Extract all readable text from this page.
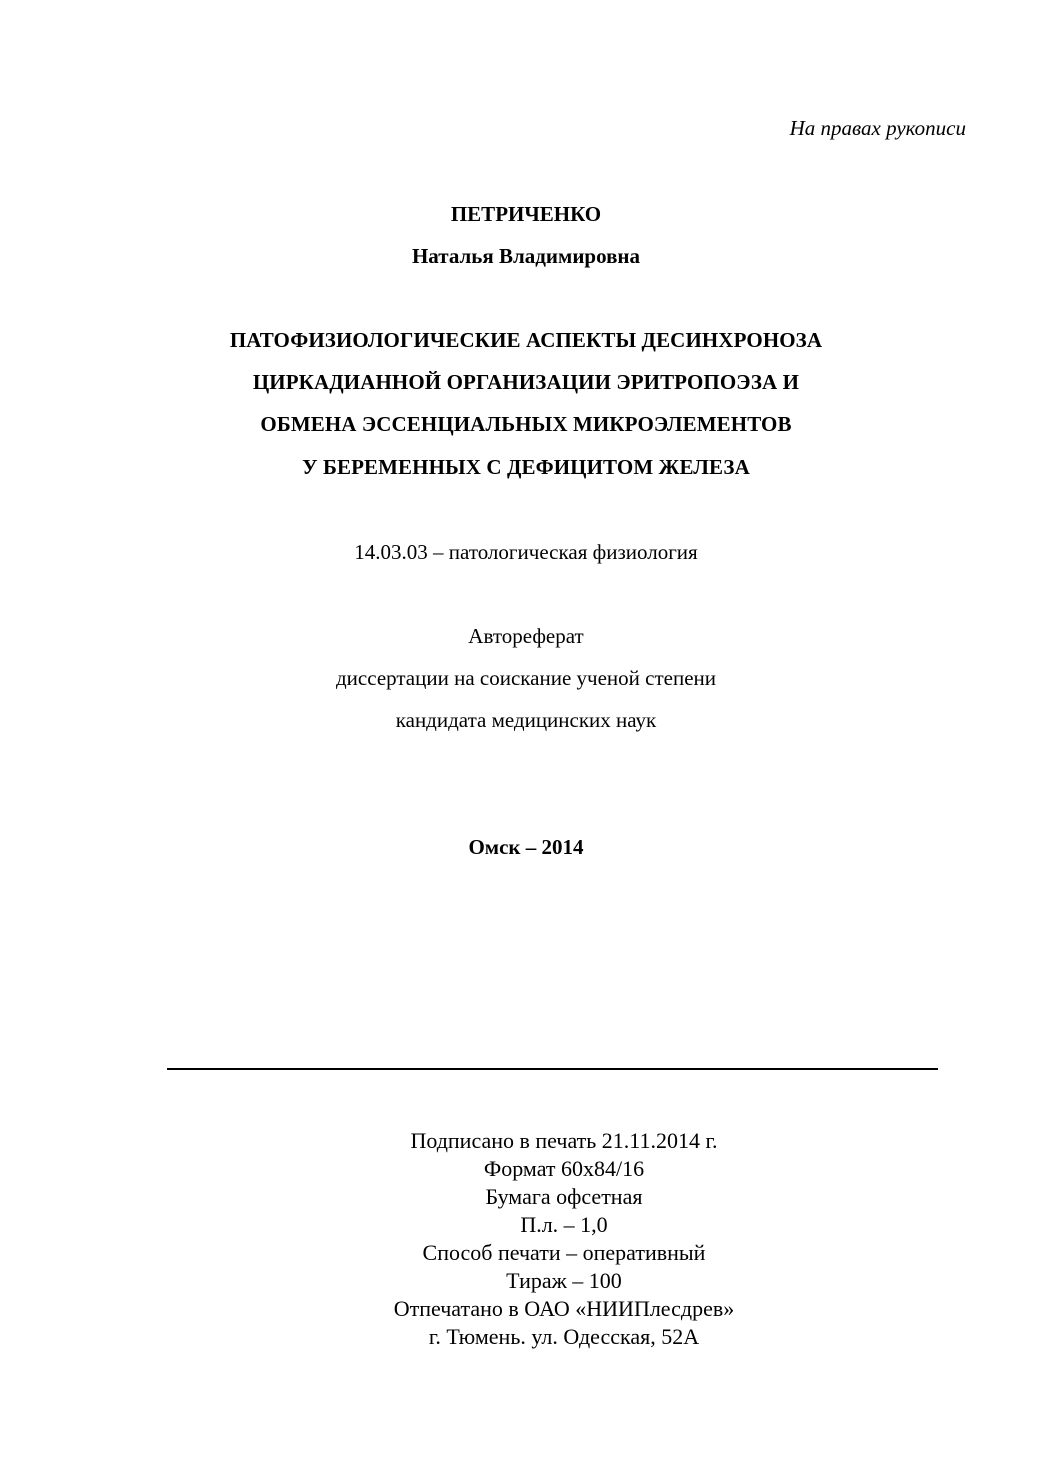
На правах рукописи
ПЕТРИЧЕНКО
Наталья Владимировна
ПАТОФИЗИОЛОГИЧЕСКИЕ АСПЕКТЫ ДЕСИНХРОНОЗА
ЦИРКАДИАННОЙ ОРГАНИЗАЦИИ ЭРИТРОПОЭЗА И
ОБМЕНА ЭССЕНЦИАЛЬНЫХ МИКРОЭЛЕМЕНТОВ
У БЕРЕМЕННЫХ С ДЕФИЦИТОМ ЖЕЛЕЗА
14.03.03 – патологическая физиология
Автореферат
диссертации на соискание ученой степени
кандидата медицинских наук
Омск – 2014
Подписано в печать 21.11.2014 г.
Формат 60х84/16
Бумага офсетная
П.л. – 1,0
Способ печати – оперативный
Тираж – 100
Отпечатано в ОАО «НИИПлесдрев»
г. Тюмень. ул. Одесская, 52А
